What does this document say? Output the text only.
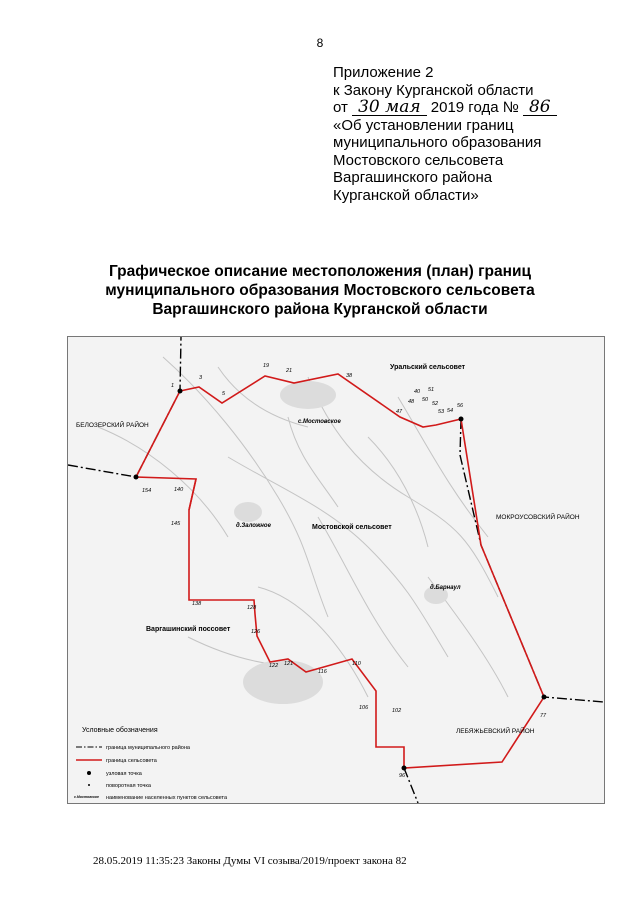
8
Приложение 2
к Закону Курганской области
от 30 мая 2019 года № 86
«Об установлении границ
муниципального образования
Мостовского сельсовета
Варгашинского района
Курганской области»
Графическое описание местоположения (план) границ
муниципального образования Мостовского сельсовета
Варгашинского района Курганской области
1
3
5
19
21
38
40
47
48 50
51
52
53 54
56
154	140
145
138
128
126
122 121
116
110
106	102
96
77
Уральский сельсовет
БЕЛОЗЕРСКИЙ РАЙОН
МОКРОУСОВСКИЙ РАЙОН
Мостовской сельсовет
Варгашинский поссовет
ЛЕБЯЖЬЕВСКИЙ РАЙОН
с.Мостовское
д.Заложное
д.Барнаул
Условные обозначения
граница муниципального района
граница сельсовета
узловая точка
поворотная точка
с.Мостовское наименование населенных пунктов сельсовета
28.05.2019 11:35:23 Законы Думы VI созыва/2019/проект закона 82
